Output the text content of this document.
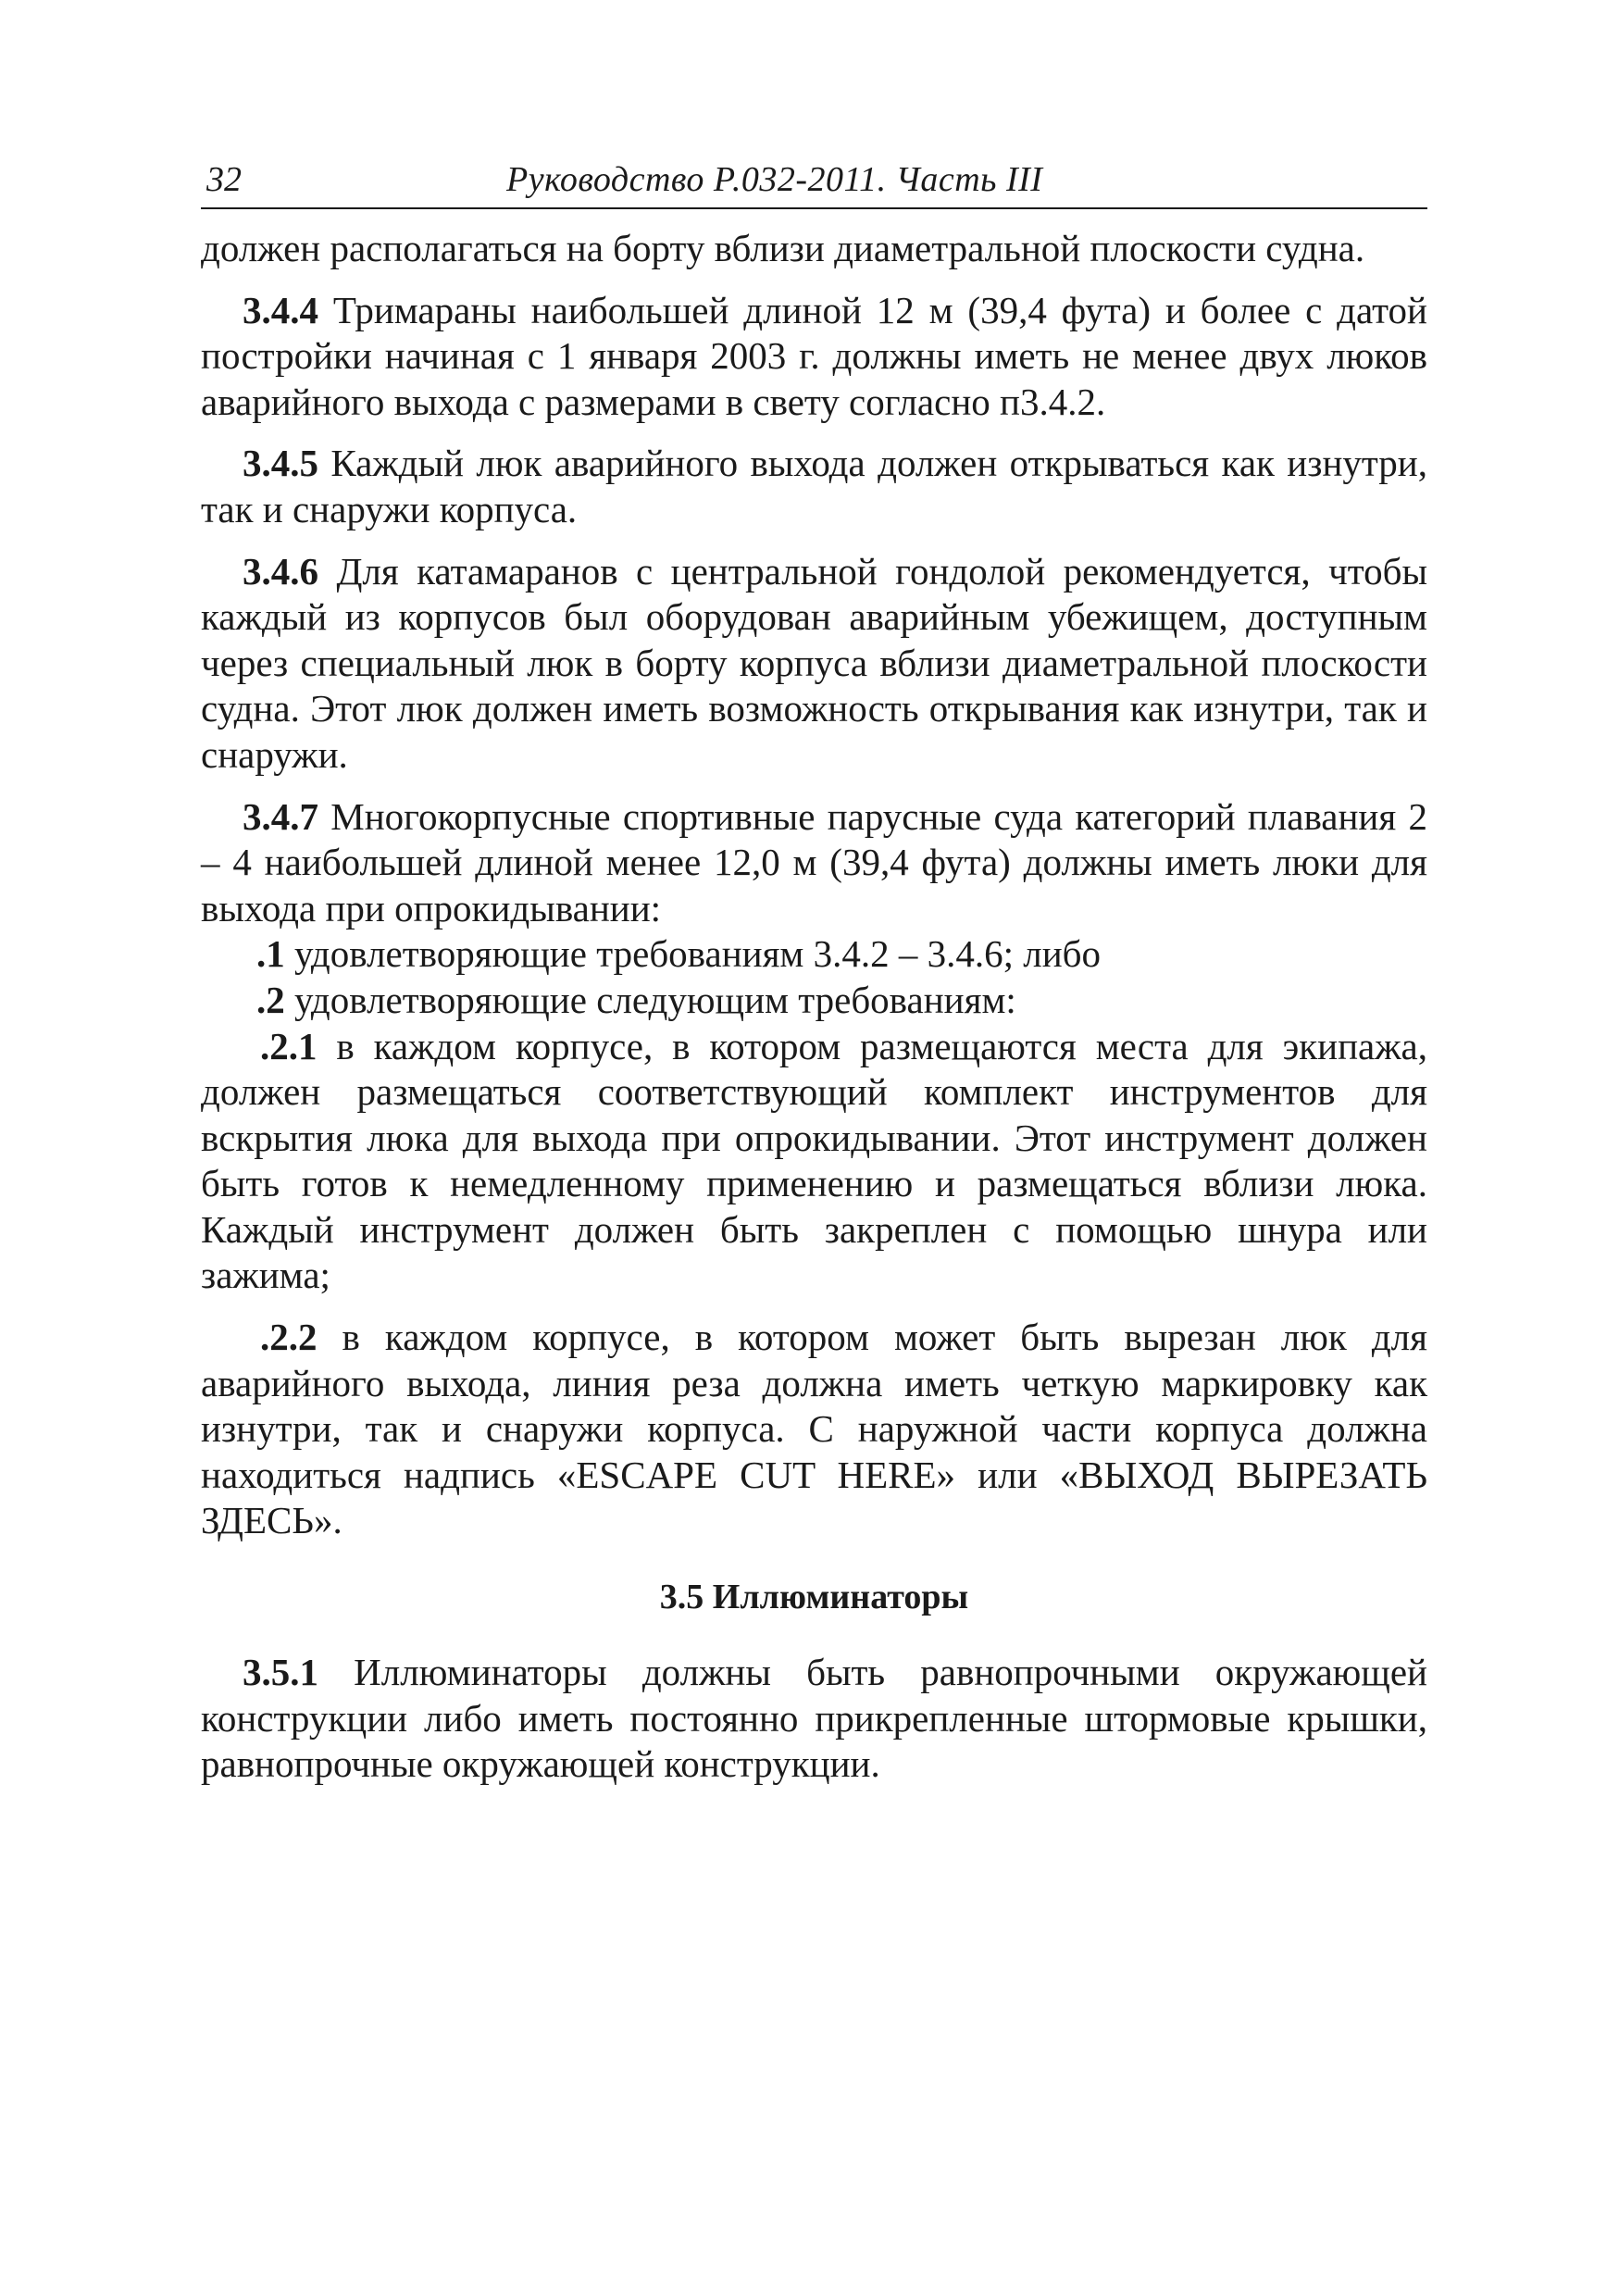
32	Руководство Р.032-2011. Часть III

должен располагаться на борту вблизи диаметральной плоскости судна.

3.4.4 Тримараны наибольшей длиной 12 м (39,4 фута) и более с датой постройки начиная с 1 января 2003 г. должны иметь не менее двух люков аварийного выхода с размерами в свету согласно п3.4.2.

3.4.5 Каждый люк аварийного выхода должен открываться как изнутри, так и снаружи корпуса.

3.4.6 Для катамаранов с центральной гондолой рекомендуется, чтобы каждый из корпусов был оборудован аварийным убежищем, доступным через специальный люк в борту корпуса вблизи диаметральной плоскости судна. Этот люк должен иметь возможность открывания как изнутри, так и снаружи.

3.4.7 Многокорпусные спортивные парусные суда категорий плавания 2 – 4 наибольшей длиной менее 12,0 м (39,4 фута) должны иметь люки для выхода при опрокидывании:

.1 удовлетворяющие требованиям 3.4.2 – 3.4.6; либо

.2 удовлетворяющие следующим требованиям:

.2.1 в каждом корпусе, в котором размещаются места для экипажа, должен размещаться соответствующий комплект инструментов для вскрытия люка для выхода при опрокидывании. Этот инструмент должен быть готов к немедленному применению и размещаться вблизи люка. Каждый инструмент должен быть закреплен с помощью шнура или зажима;

.2.2 в каждом корпусе, в котором может быть вырезан люк для аварийного выхода, линия реза должна иметь четкую маркировку как изнутри, так и снаружи корпуса. С наружной части корпуса должна находиться надпись «ESCAPE CUT HERE» или «ВЫХОД ВЫРЕЗАТЬ ЗДЕСЬ».

3.5 Иллюминаторы

3.5.1 Иллюминаторы должны быть равнопрочными окружающей конструкции либо иметь постоянно прикрепленные штормовые крышки, равнопрочные окружающей конструкции.
